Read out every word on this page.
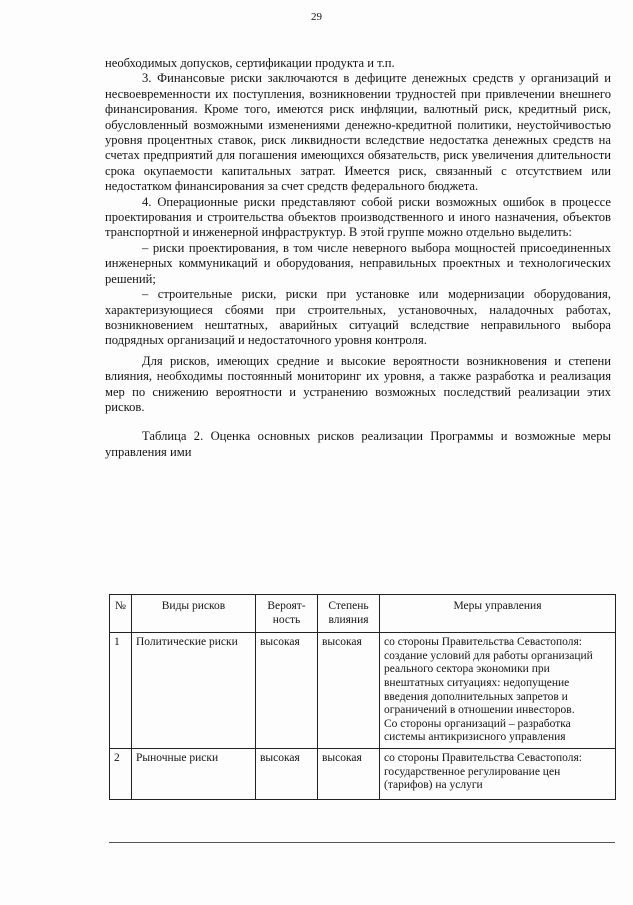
29

необходимых допусков, сертификации продукта и т.п.

3. Финансовые риски заключаются в дефиците денежных средств у организаций и несвоевременности их поступления, возникновении трудностей при привлечении внешнего финансирования. Кроме того, имеются риск инфляции, валютный риск, кредитный риск, обусловленный возможными изменениями денежно-кредитной политики, неустойчивостью уровня процентных ставок, риск ликвидности вследствие недостатка денежных средств на счетах предприятий для погашения имеющихся обязательств, риск увеличения длительности срока окупаемости капитальных затрат. Имеется риск, связанный с отсутствием или недостатком финансирования за счет средств федерального бюджета.

4. Операционные риски представляют собой риски возможных ошибок в процессе проектирования и строительства объектов производственного и иного назначения, объектов транспортной и инженерной инфраструктур. В этой группе можно отдельно выделить:

– риски проектирования, в том числе неверного выбора мощностей присоединенных инженерных коммуникаций и оборудования, неправильных проектных и технологических решений;

– строительные риски, риски при установке или модернизации оборудования, характеризующиеся сбоями при строительных, установочных, наладочных работах, возникновением нештатных, аварийных ситуаций вследствие неправильного выбора подрядных организаций и недостаточного уровня контроля.

Для рисков, имеющих средние и высокие вероятности возникновения и степени влияния, необходимы постоянный мониторинг их уровня, а также разработка и реализация мер по снижению вероятности и устранению возможных последствий реализации этих рисков.

Таблица 2. Оценка основных рисков реализации Программы и возможные меры управления ими

№	Виды рисков	Вероят-ность	Степень влияния	Меры управления
1	Политические риски	высокая	высокая	со стороны Правительства Севастополя: создание условий для работы организаций реального сектора экономики при внештатных ситуациях: недопущение введения дополнительных запретов и ограничений в отношении инвесторов.
Со стороны организаций – разработка системы антикризисного управления

2	Рыночные риски	высокая	высокая	со стороны Правительства Севастополя: государственное регулирование цен (тарифов) на услуги
